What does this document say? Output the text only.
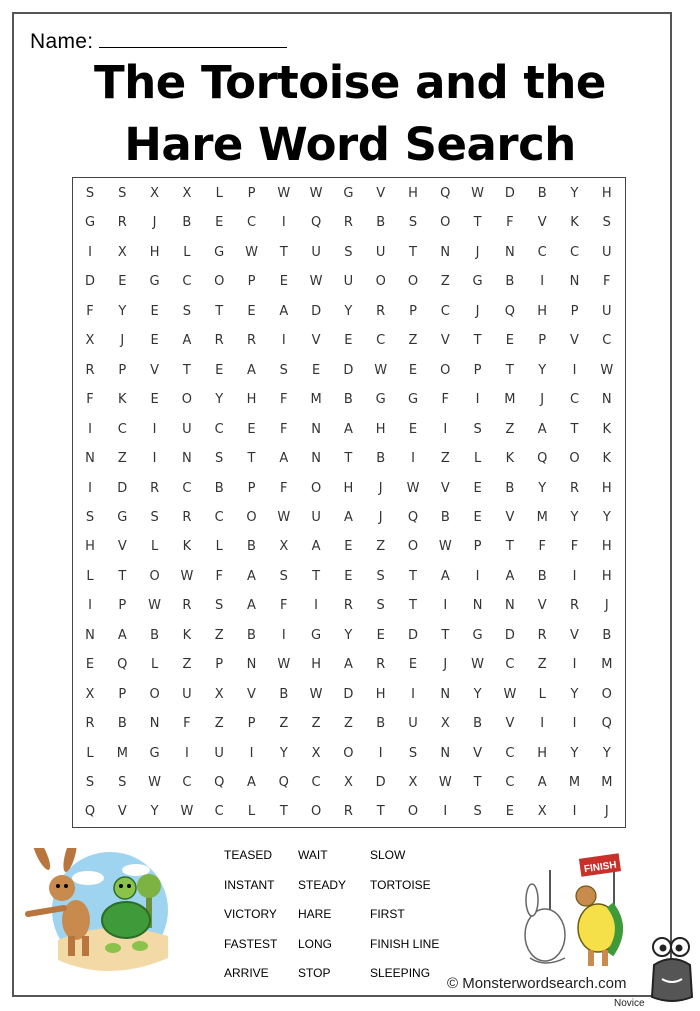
Name:
The Tortoise and the
Hare Word Search
S	S	X	X	L	P	W	W	G	V	H	Q	W	D	B	Y	H
G	R	J	B	E	C	I	Q	R	B	S	O	T	F	V	K	S
I	X	H	L	G	W	T	U	S	U	T	N	J	N	C	C	U
D	E	G	C	O	P	E	W	U	O	O	Z	G	B	I	N	F
F	Y	E	S	T	E	A	D	Y	R	P	C	J	Q	H	P	U
X	J	E	A	R	R	I	V	E	C	Z	V	T	E	P	V	C
R	P	V	T	E	A	S	E	D	W	E	O	P	T	Y	I	W
F	K	E	O	Y	H	F	M	B	G	G	F	I	M	J	C	N
I	C	I	U	C	E	F	N	A	H	E	I	S	Z	A	T	K
N	Z	I	N	S	T	A	N	T	B	I	Z	L	K	Q	O	K
I	D	R	C	B	P	F	O	H	J	W	V	E	B	Y	R	H
S	G	S	R	C	O	W	U	A	J	Q	B	E	V	M	Y	Y
H	V	L	K	L	B	X	A	E	Z	O	W	P	T	F	F	H
L	T	O	W	F	A	S	T	E	S	T	A	I	A	B	I	H
I	P	W	R	S	A	F	I	R	S	T	I	N	N	V	R	J
N	A	B	K	Z	B	I	G	Y	E	D	T	G	D	R	V	B
E	Q	L	Z	P	N	W	H	A	R	E	J	W	C	Z	I	M
X	P	O	U	X	V	B	W	D	H	I	N	Y	W	L	Y	O
R	B	N	F	Z	P	Z	Z	Z	B	U	X	B	V	I	I	Q
L	M	G	I	U	I	Y	X	O	I	S	N	V	C	H	Y	Y
S	S	W	C	Q	A	Q	C	X	D	X	W	T	C	A	M	M
Q	V	Y	W	C	L	T	O	R	T	O	I	S	E	X	I	J
TEASED WAIT	SLOW
INSTANT STEADY TORTOISE
VICTORY HARE	FIRST
FASTEST LONG	FINISH LINE
ARRIVE STOP	SLEEPING
FINISH
© Monsterwordsearch.com
Novice
